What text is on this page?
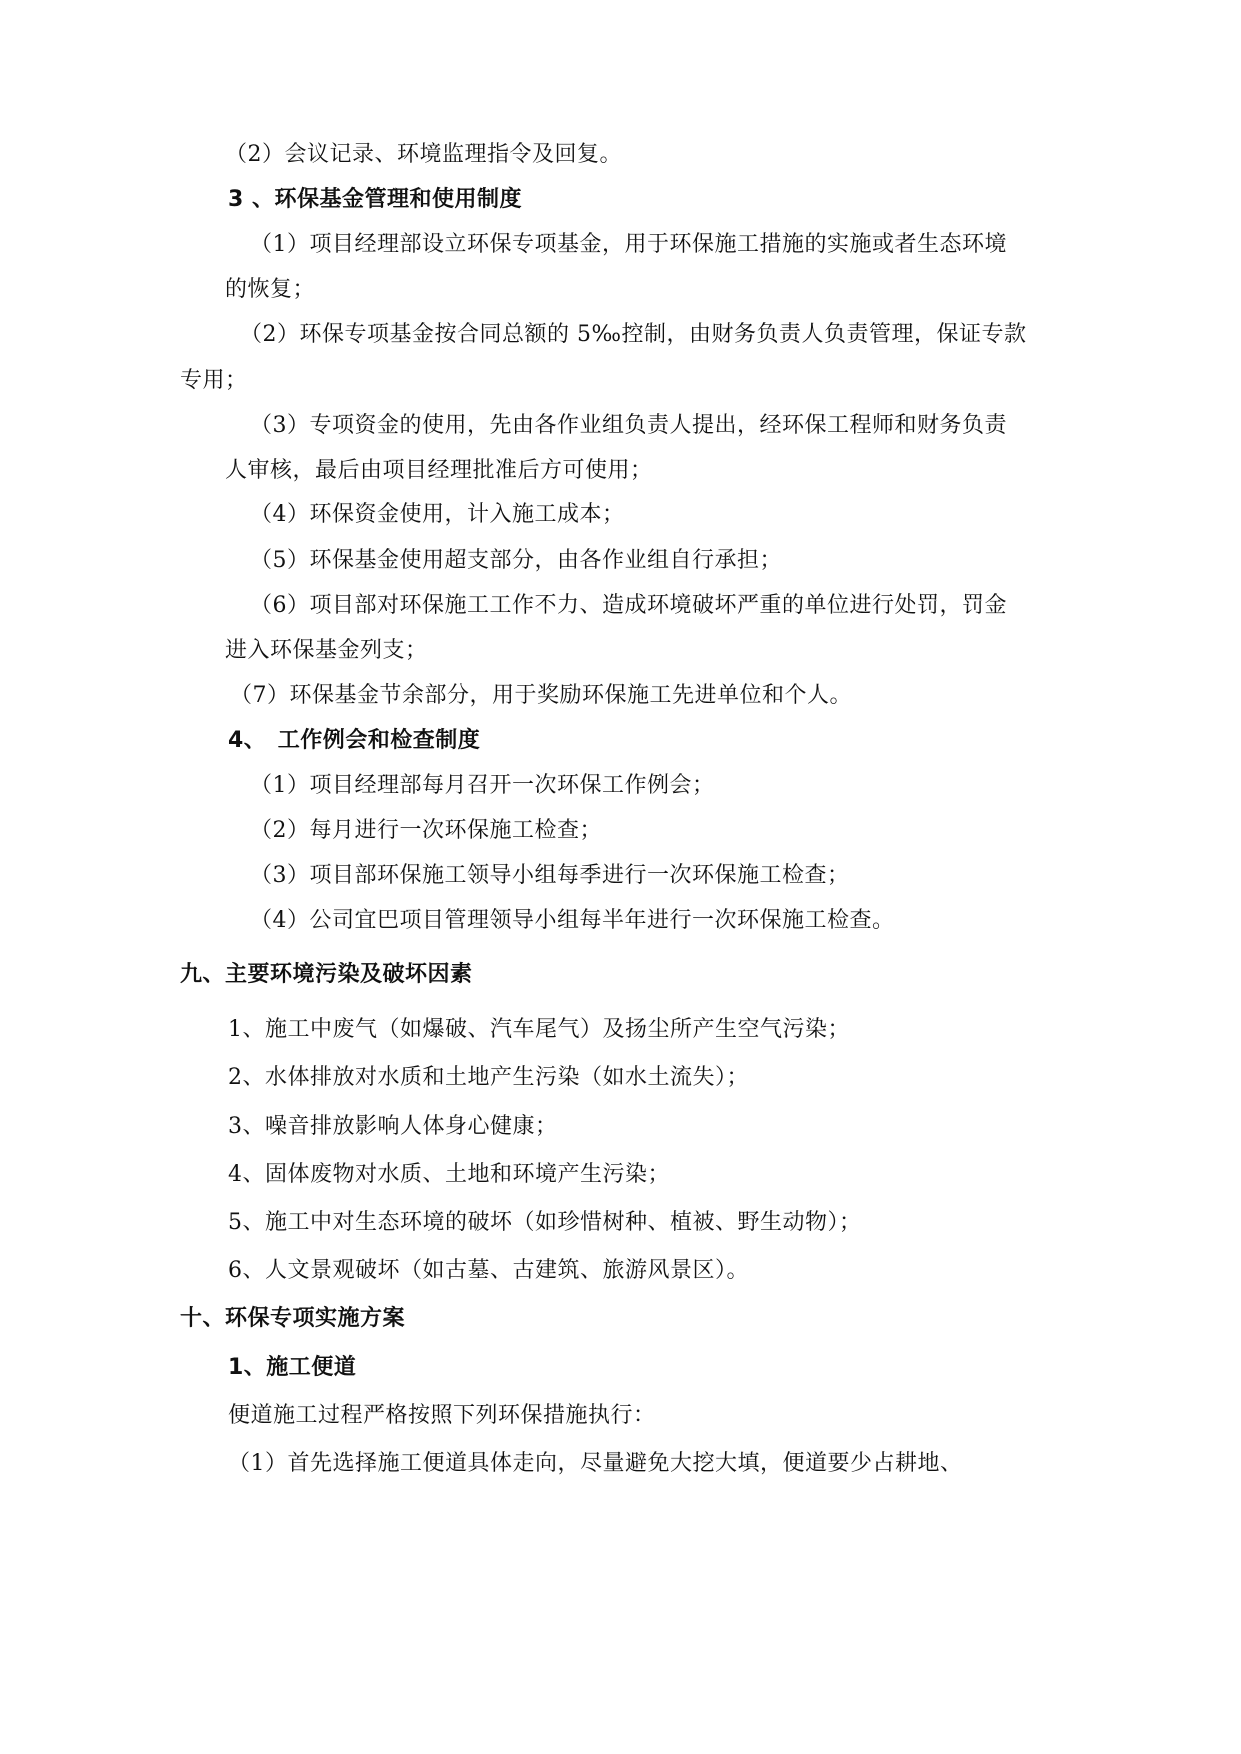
（2）会议记录、环境监理指令及回复。
3 、环保基金管理和使用制度
（1）项目经理部设立环保专项基金，用于环保施工措施的实施或者生态环境
的恢复；
（2）环保专项基金按合同总额的 5‰控制，由财务负责人负责管理，保证专款
专用；
（3）专项资金的使用，先由各作业组负责人提出，经环保工程师和财务负责
人审核，最后由项目经理批准后方可使用；
（4）环保资金使用，计入施工成本；
（5）环保基金使用超支部分，由各作业组自行承担；
（6）项目部对环保施工工作不力、造成环境破坏严重的单位进行处罚，罚金
进入环保基金列支；
（7）环保基金节余部分，用于奖励环保施工先进单位和个人。
4、　工作例会和检查制度
（1）项目经理部每月召开一次环保工作例会；
（2）每月进行一次环保施工检查；
（3）项目部环保施工领导小组每季进行一次环保施工检查；
（4）公司宜巴项目管理领导小组每半年进行一次环保施工检查。
九、主要环境污染及破坏因素
1、施工中废气（如爆破、汽车尾气）及扬尘所产生空气污染；
2、水体排放对水质和土地产生污染（如水土流失）；
3、噪音排放影响人体身心健康；
4、固体废物对水质、土地和环境产生污染；
5、施工中对生态环境的破坏（如珍惜树种、植被、野生动物）；
6、人文景观破坏（如古墓、古建筑、旅游风景区）。
十、环保专项实施方案
1、施工便道
便道施工过程严格按照下列环保措施执行：
（1）首先选择施工便道具体走向，尽量避免大挖大填，便道要少占耕地、
